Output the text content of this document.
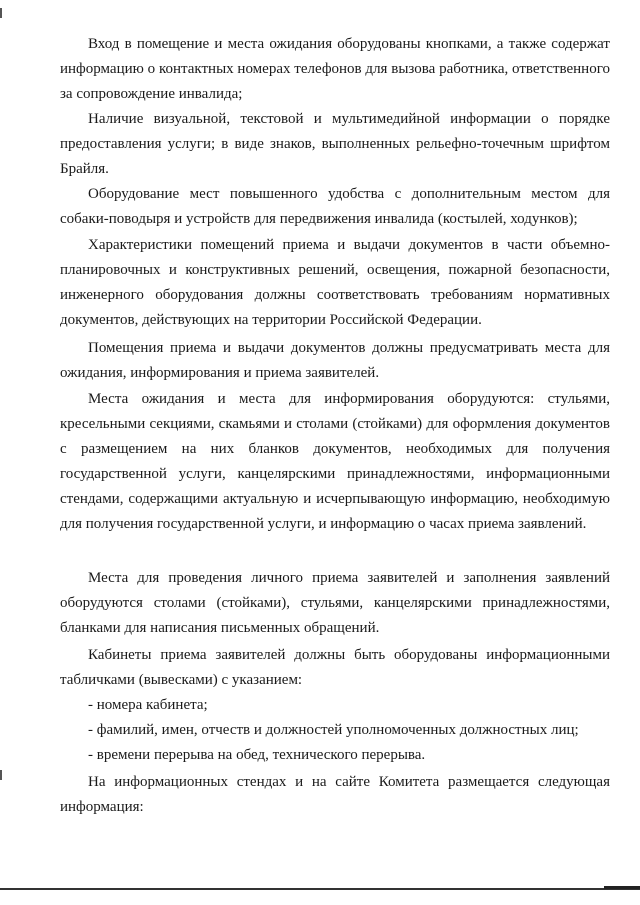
Вход в помещение и места ожидания оборудованы кнопками, а также содержат информацию о контактных номерах телефонов для вызова работника, ответственного за сопровождение инвалида;

Наличие визуальной, текстовой и мультимедийной информации о порядке предоставления услуги; в виде знаков, выполненных рельефно-точечным шрифтом Брайля.

Оборудование мест повышенного удобства с дополнительным местом для собаки-поводыря и устройств для передвижения инвалида (костылей, ходунков);

Характеристики помещений приема и выдачи документов в части объемно-планировочных и конструктивных решений, освещения, пожарной безопасности, инженерного оборудования должны соответствовать требованиям нормативных документов, действующих на территории Российской Федерации.

Помещения приема и выдачи документов должны предусматривать места для ожидания, информирования и приема заявителей.

Места ожидания и места для информирования оборудуются: стульями, кресельными секциями, скамьями и столами (стойками) для оформления документов с размещением на них бланков документов, необходимых для получения государственной услуги, канцелярскими принадлежностями, информационными стендами, содержащими актуальную и исчерпывающую информацию, необходимую для получения государственной услуги, и информацию о часах приема заявлений.

Места для проведения личного приема заявителей и заполнения заявлений оборудуются столами (стойками), стульями, канцелярскими принадлежностями, бланками для написания письменных обращений.

Кабинеты приема заявителей должны быть оборудованы информационными табличками (вывесками) с указанием:

- номера кабинета;

- фамилий, имен, отчеств и должностей уполномоченных должностных лиц;

- времени перерыва на обед, технического перерыва.

На информационных стендах и на сайте Комитета размещается следующая информация:
